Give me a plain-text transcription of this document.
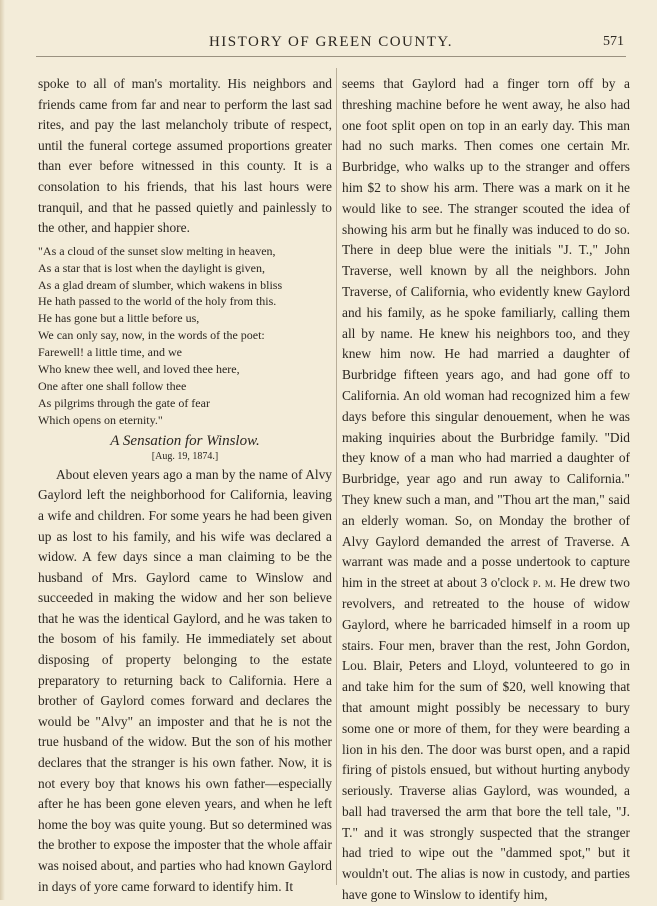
HISTORY OF GREEN COUNTY.	571

spoke to all of man's mortality. His neighbors and friends came from far and near to perform the last sad rites, and pay the last melancholy tribute of respect, until the funeral cortege assumed proportions greater than ever before witnessed in this county. It is a consolation to his friends, that his last hours were tranquil, and that he passed quietly and painlessly to the other, and happier shore.

"As a cloud of the sunset slow melting in heaven,
As a star that is lost when the daylight is given,
As a glad dream of slumber, which wakens in bliss
He hath passed to the world of the holy from this.
He has gone but a little before us,
We can only say, now, in the words of the poet:
Farewell! a little time, and we
Who knew thee well, and loved thee here,
One after one shall follow thee
As pilgrims through the gate of fear
Which opens on eternity."
A Sensation for Winslow.
[Aug. 19, 1874.]

About eleven years ago a man by the name of Alvy Gaylord left the neighborhood for California, leaving a wife and children. For some years he had been given up as lost to his family, and his wife was declared a widow. A few days since a man claiming to be the husband of Mrs. Gaylord came to Winslow and succeeded in making the widow and her son believe that he was the identical Gaylord, and he was taken to the bosom of his family. He immediately set about disposing of property belonging to the estate preparatory to returning back to California. Here a brother of Gaylord comes forward and declares the would be "Alvy" an imposter and that he is not the true husband of the widow. But the son of his mother declares that the stranger is his own father. Now, it is not every boy that knows his own father—especially after he has been gone eleven years, and when he left home the boy was quite young. But so determined was the brother to expose the imposter that the whole affair was noised about, and parties who had known Gaylord in days of yore came forward to identify him. It

seems that Gaylord had a finger torn off by a threshing machine before he went away, he also had one foot split open on top in an early day. This man had no such marks. Then comes one certain Mr. Burbridge, who walks up to the stranger and offers him $2 to show his arm. There was a mark on it he would like to see. The stranger scouted the idea of showing his arm but he finally was induced to do so. There in deep blue were the initials "J. T.," John Traverse, well known by all the neighbors. John Traverse, of California, who evidently knew Gaylord and his family, as he spoke familiarly, calling them all by name. He knew his neighbors too, and they knew him now. He had married a daughter of Burbridge fifteen years ago, and had gone off to California. An old woman had recognized him a few days before this singular denouement, when he was making inquiries about the Burbridge family. "Did they know of a man who had married a daughter of Burbridge, year ago and run away to California." They knew such a man, and "Thou art the man," said an elderly woman. So, on Monday the brother of Alvy Gaylord demanded the arrest of Traverse. A warrant was made and a posse undertook to capture him in the street at about 3 o'clock p. m. He drew two revolvers, and retreated to the house of widow Gaylord, where he barricaded himself in a room up stairs. Four men, braver than the rest, John Gordon, Lou. Blair, Peters and Lloyd, volunteered to go in and take him for the sum of $20, well knowing that that amount might possibly be necessary to bury some one or more of them, for they were bearding a lion in his den. The door was burst open, and a rapid firing of pistols ensued, but without hurting anybody seriously. Traverse alias Gaylord, was wounded, a ball had traversed the arm that bore the tell tale, "J. T." and it was strongly suspected that the stranger had tried to wipe out the "dammed spot," but it wouldn't out. The alias is now in custody, and parties have gone to Winslow to identify him,
